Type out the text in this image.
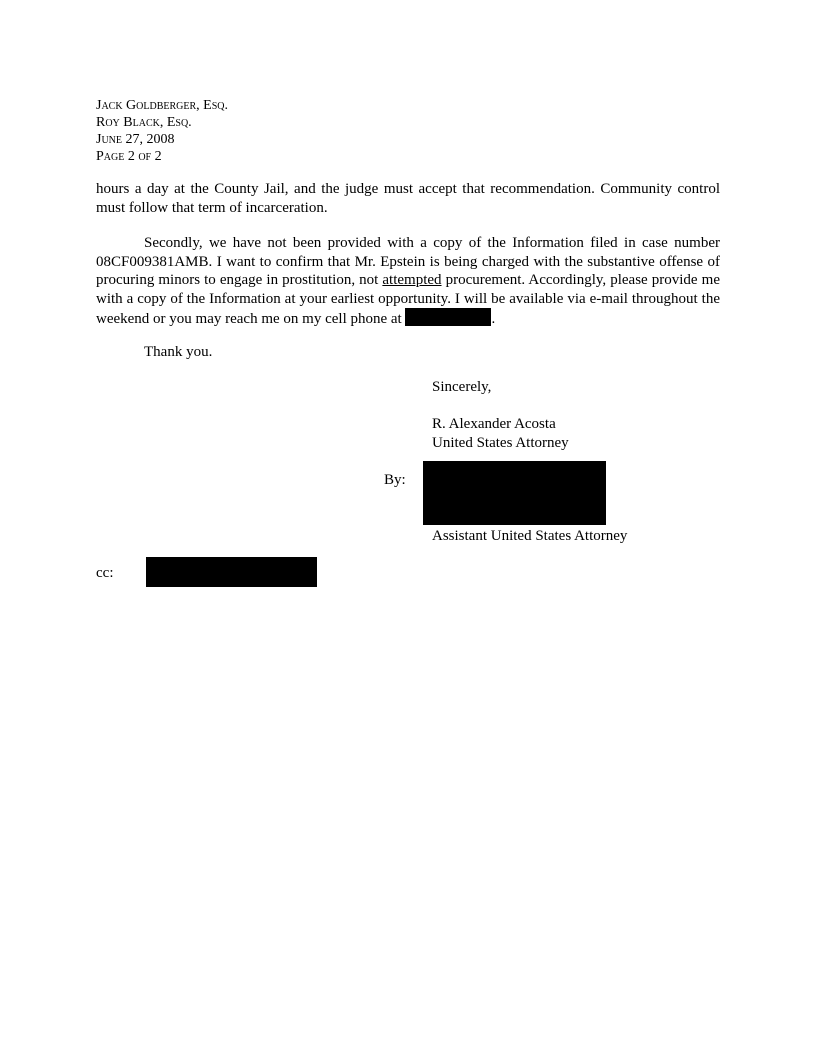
Jack Goldberger, Esq.
Roy Black, Esq.
June 27, 2008
Page 2 of 2
hours a day at the County Jail, and the judge must accept that recommendation. Community control must follow that term of incarceration.
Secondly, we have not been provided with a copy of the Information filed in case number 08CF009381AMB. I want to confirm that Mr. Epstein is being charged with the substantive offense of procuring minors to engage in prostitution, not attempted procurement. Accordingly, please provide me with a copy of the Information at your earliest opportunity. I will be available via e-mail throughout the weekend or you may reach me on my cell phone at	.
Thank you.
Sincerely,
R. Alexander Acosta
United States Attorney
By:
Assistant United States Attorney
cc:
